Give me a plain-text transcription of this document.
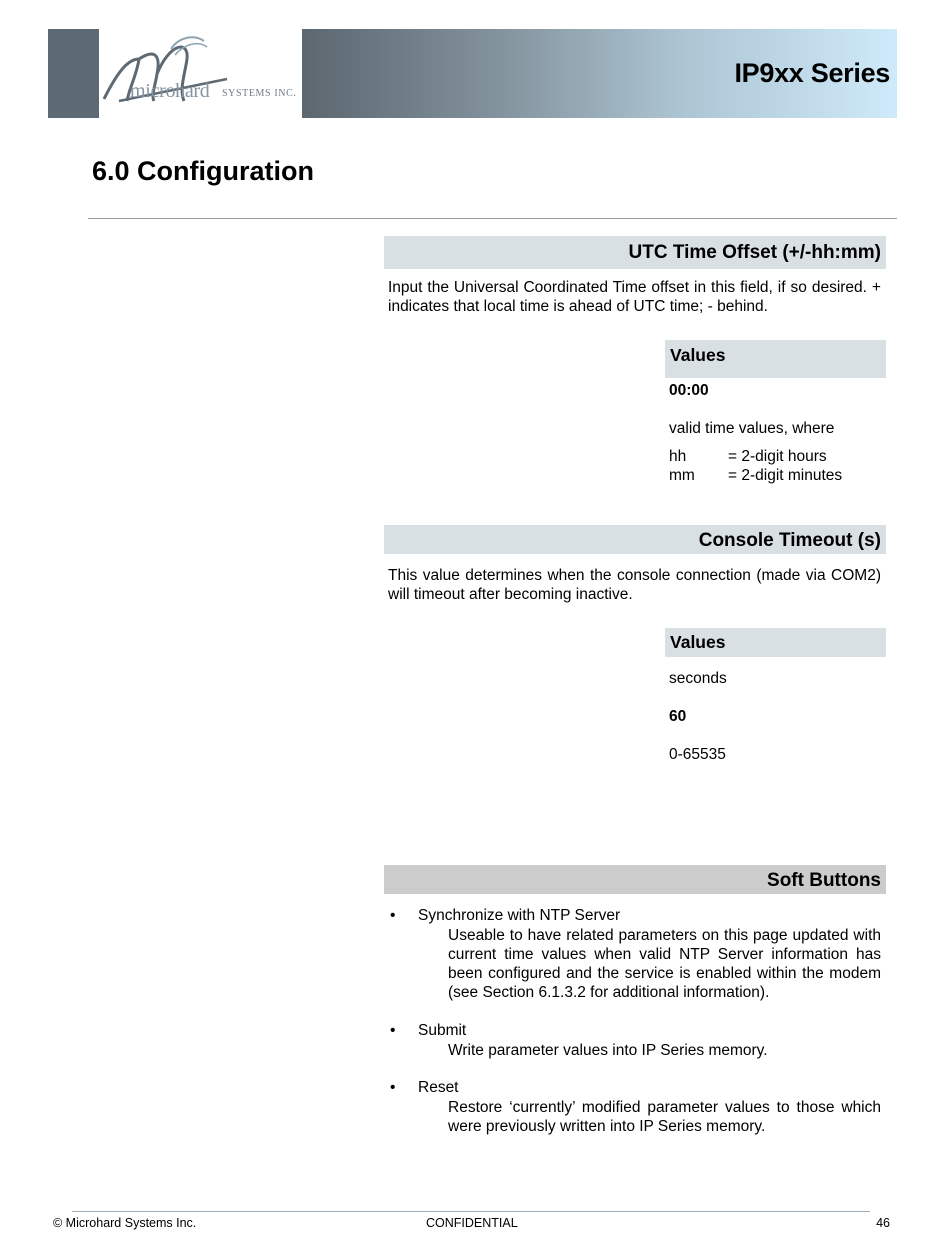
microhard SYSTEMS INC.
IP9xx Series
6.0 Configuration
UTC Time Offset (+/-hh:mm)
Input the Universal Coordinated Time offset in this field, if so desired. + indicates that local time is ahead of UTC time; - behind.
Values
00:00
valid time values, where
hh	= 2-digit hours
mm = 2-digit minutes
Console Timeout (s)
This value determines when the console connection (made via COM2) will timeout after becoming inactive.
Values
seconds
60
0-65535
Soft Buttons
• Synchronize with NTP Server
Useable to have related parameters on this page updated with current time values when valid NTP Server information has been configured and the service is enabled within the modem (see Section 6.1.3.2 for additional information).
• Submit
Write parameter values into IP Series memory.
• Reset
Restore ‘currently’ modified parameter values to those which were previously written into IP Series memory.
© Microhard Systems Inc.	CONFIDENTIAL	46
